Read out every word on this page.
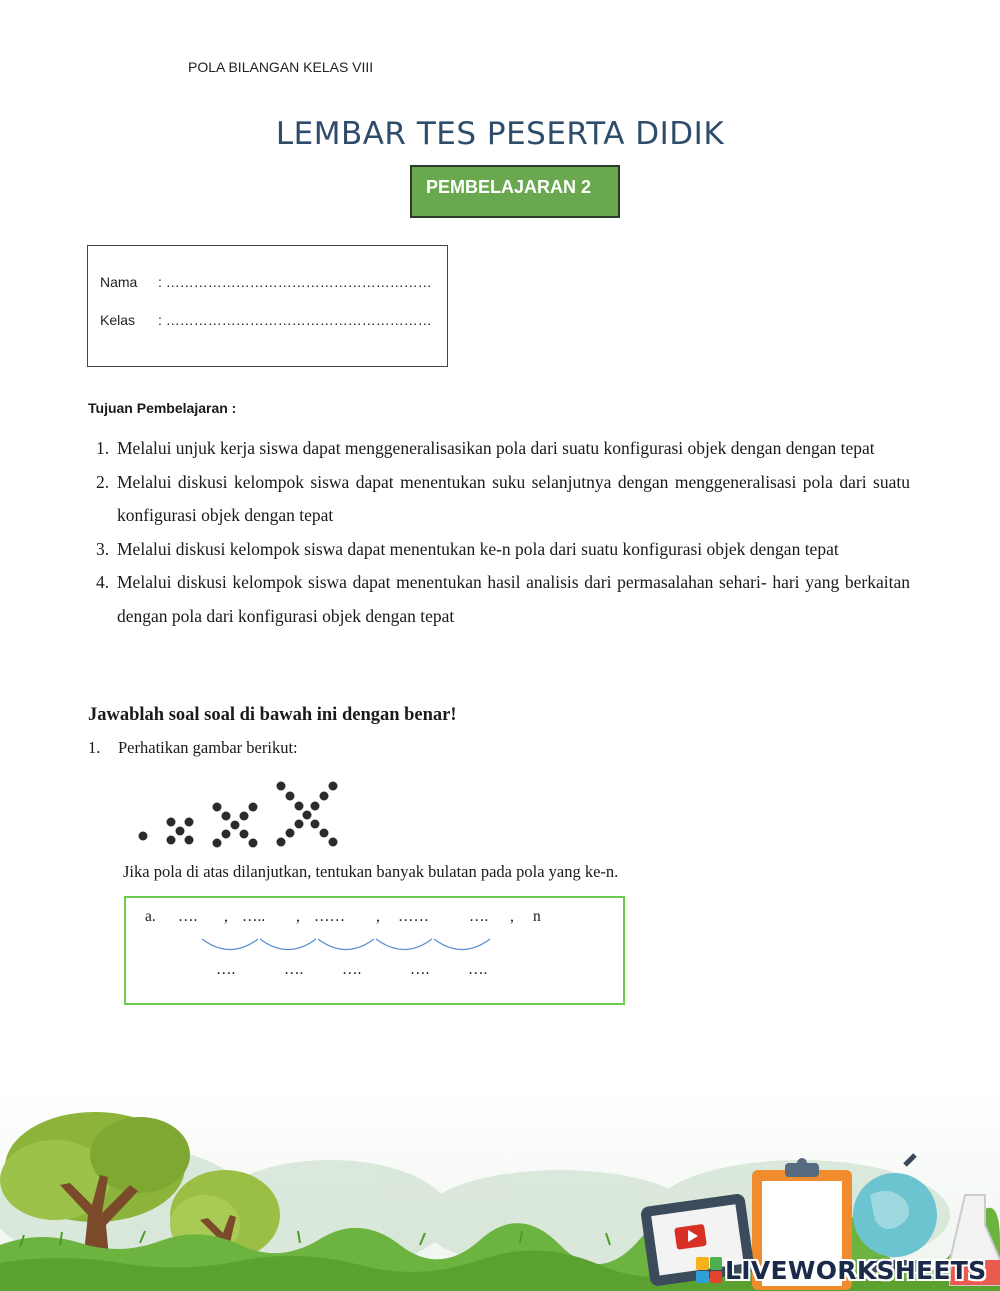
POLA BILANGAN KELAS VIII
LEMBAR TES PESERTA DIDIK
PEMBELAJARAN 2
Nama : …………………………………………………
Kelas : …………………………………………………
Tujuan Pembelajaran :
1. Melalui unjuk kerja siswa dapat menggeneralisasikan pola dari suatu konfigurasi objek dengan dengan tepat
2. Melalui diskusi kelompok siswa dapat menentukan suku selanjutnya dengan menggeneralisasi pola dari suatu konfigurasi objek dengan tepat
3. Melalui diskusi kelompok siswa dapat menentukan ke-n pola dari suatu konfigurasi objek dengan tepat
4. Melalui diskusi kelompok siswa dapat menentukan hasil analisis dari permasalahan sehari- hari yang berkaitan dengan pola dari konfigurasi objek dengan tepat
Jawablah soal soal di bawah ini dengan benar!
1. Perhatikan gambar berikut:
Jika pola di atas dilanjutkan, tentukan banyak bulatan pada pola yang ke-n.
a. …. , ….. , …… , ……	…. , n
….	…. ….	…. ….
LIVEWORKSHEETS
